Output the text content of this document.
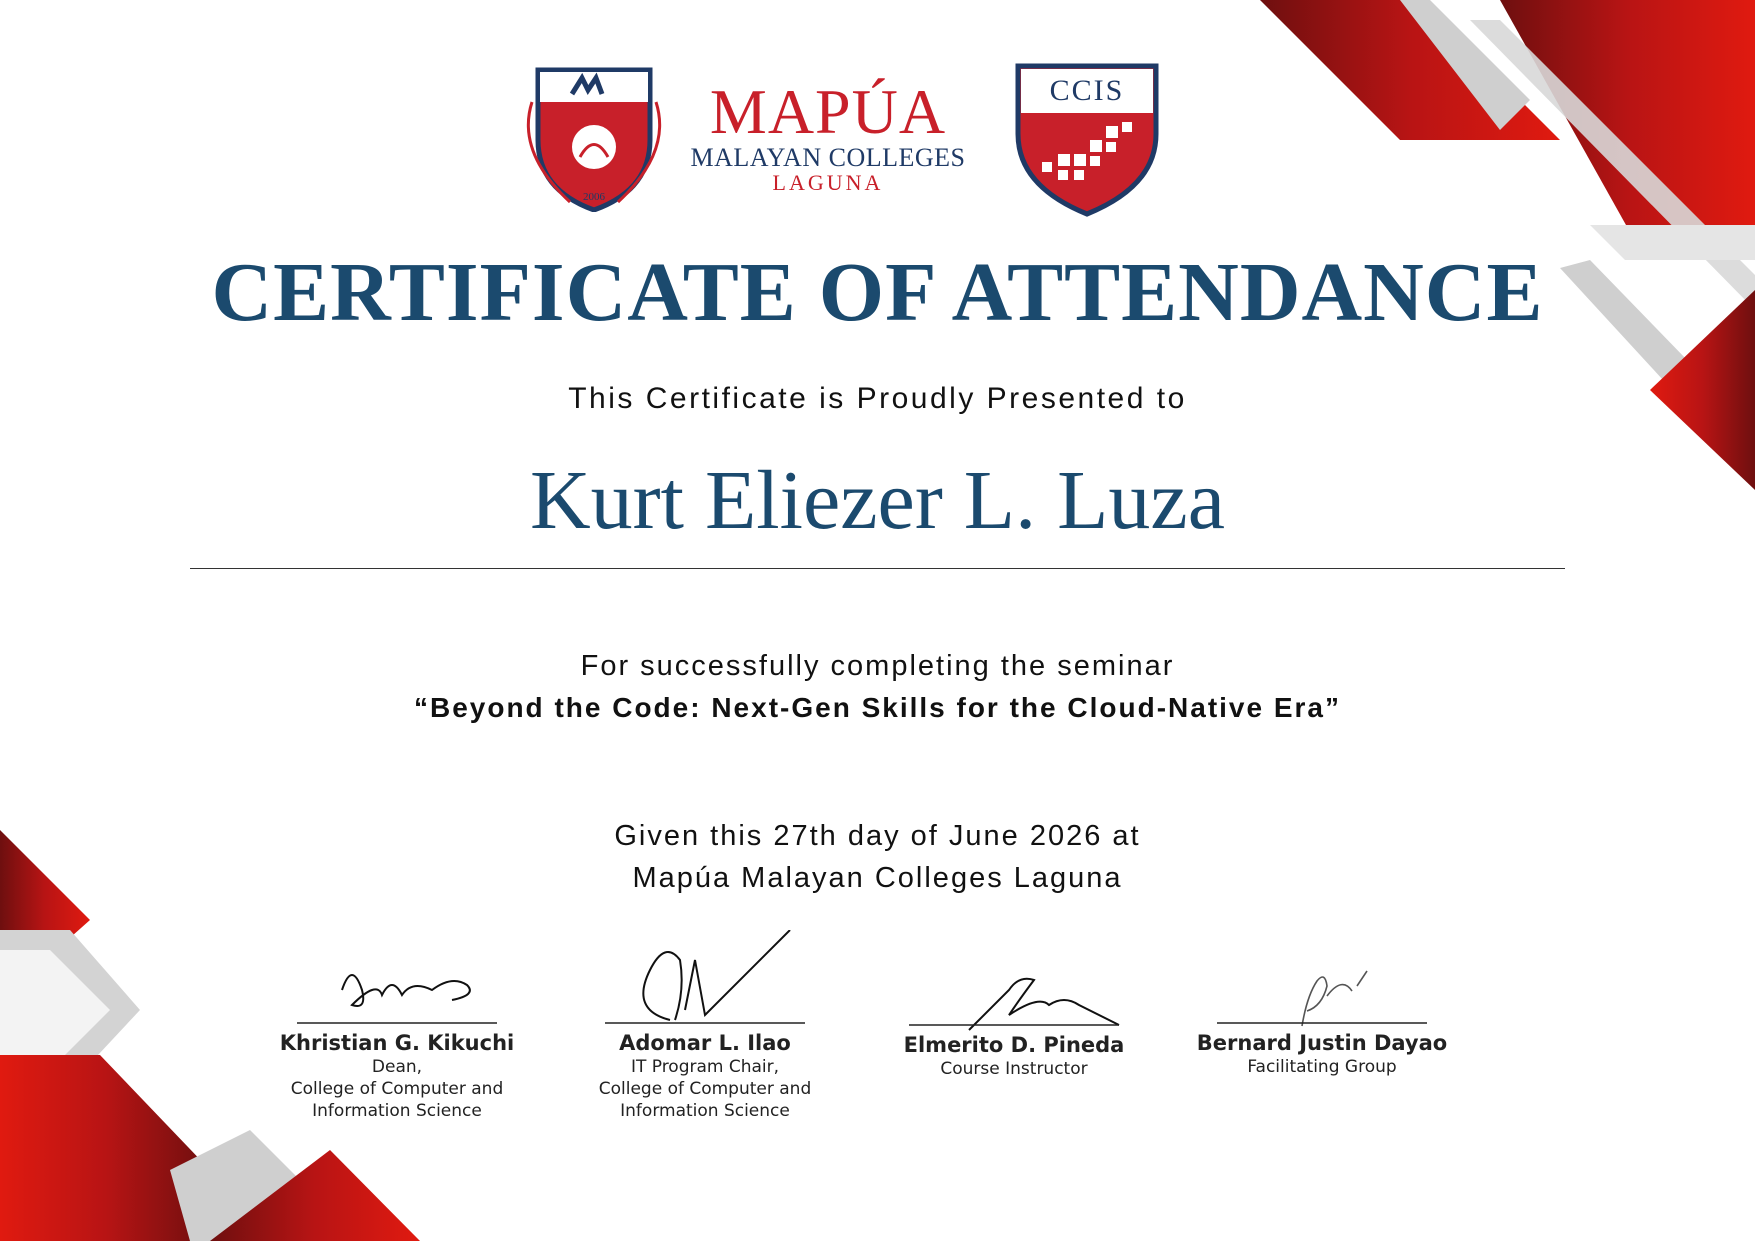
2006
MAPÚA
MALAYAN COLLEGES
LAGUNA
CCIS
CERTIFICATE OF ATTENDANCE
This Certificate is Proudly Presented to
Kurt Eliezer L. Luza
For successfully completing the seminar
“Beyond the Code: Next-Gen Skills for the Cloud-Native Era”
Given this 27th day of June 2026 at
Mapúa Malayan Colleges Laguna
Khristian G. Kikuchi
Dean,
College of Computer and
Information Science
Adomar L. Ilao
IT Program Chair,
College of Computer and
Information Science
Elmerito D. Pineda
Course Instructor
Bernard Justin Dayao
Facilitating Group
